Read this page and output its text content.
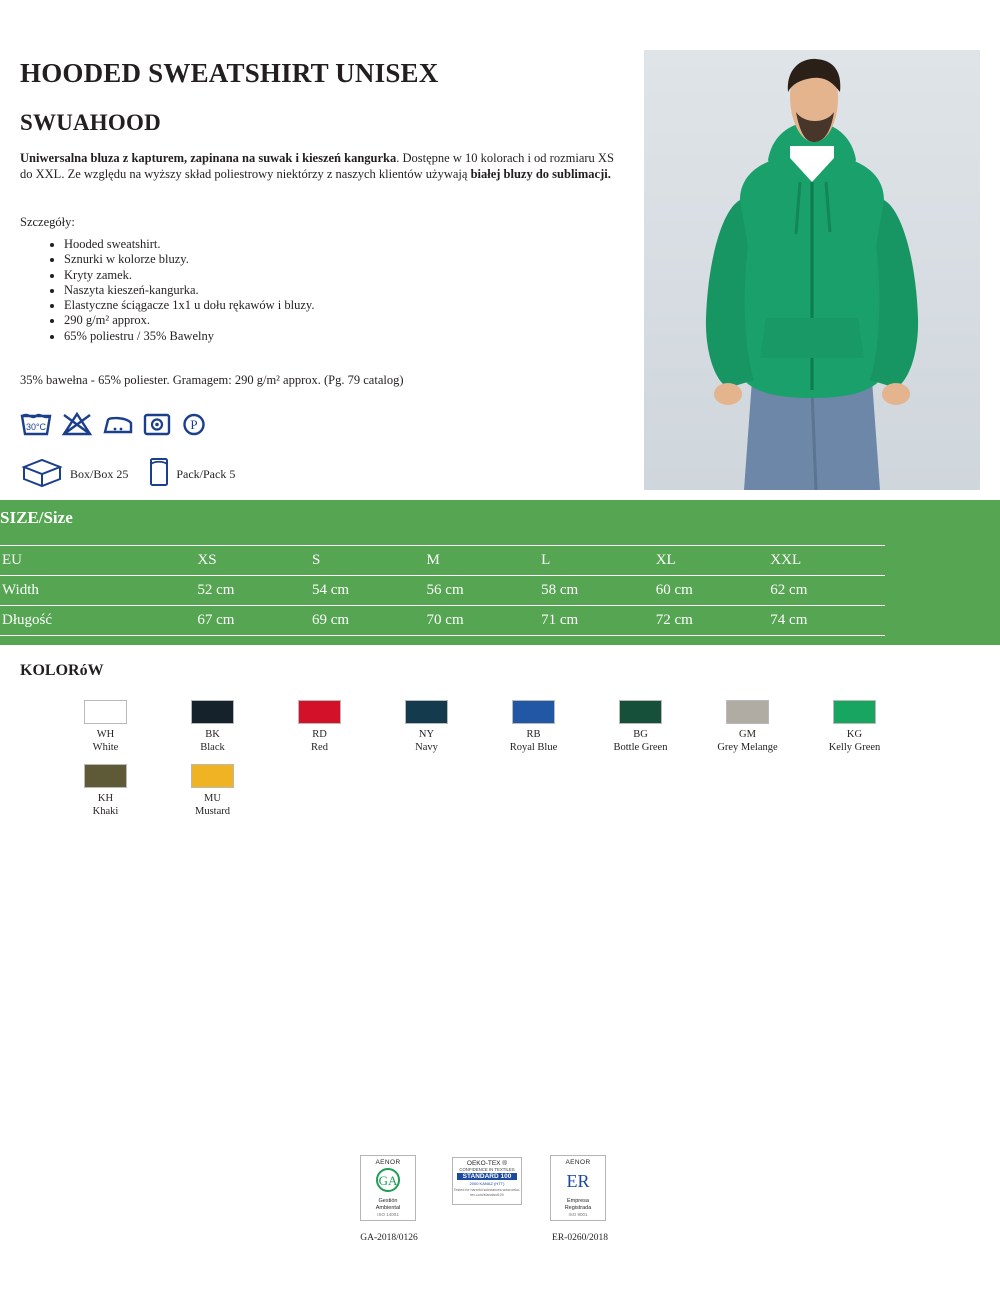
HOODED SWEATSHIRT UNISEX
SWUAHOOD
Uniwersalna bluza z kapturem, zapinana na suwak i kieszeń kangurka. Dostępne w 10 kolorach i od rozmiaru XS do XXL. Ze względu na wyższy skład poliestrowy niektórzy z naszych klientów używają białej bluzy do sublimacji.
Szczegóły:
• Hooded sweatshirt.
• Sznurki w kolorze bluzy.
• Kryty zamek.
• Naszyta kieszeń-kangurka.
• Elastyczne ściągacze 1x1 u dołu rękawów i bluzy.
• 290 g/m² approx.
• 65% poliestru / 35% Bawelny
35% bawełna - 65% poliester. Gramagem: 290 g/m² approx. (Pg. 79 catalog)
30°C	P
Box/Box 25	Pack/Pack 5
SIZE/Size
EU	XS	S	M	L	XL	XXL
Width	52 cm	54 cm	56 cm	58 cm	60 cm	62 cm
Długość	67 cm	69 cm	70 cm	71 cm	72 cm	74 cm
KOLORóW
WH
White
BK
Black
RD
Red
NY
Navy
RB
Royal Blue
BG
Bottle Green
GM
Grey Melange
KG
Kelly Green
KH
Khaki
MU
Mustard
AENOR
GA
Gestión
Ambiental
ISO 14001
OEKO-TEX ®
CONFIDENCE IN TEXTILES
STANDARD 100
2000 KANAZ (HTT)
Tested for harmful substances www.oeko-tex.com/standard100
AENOR
ER
Empresa
Registrada
ISO 9001
GA-2018/0126	ER-0260/2018
